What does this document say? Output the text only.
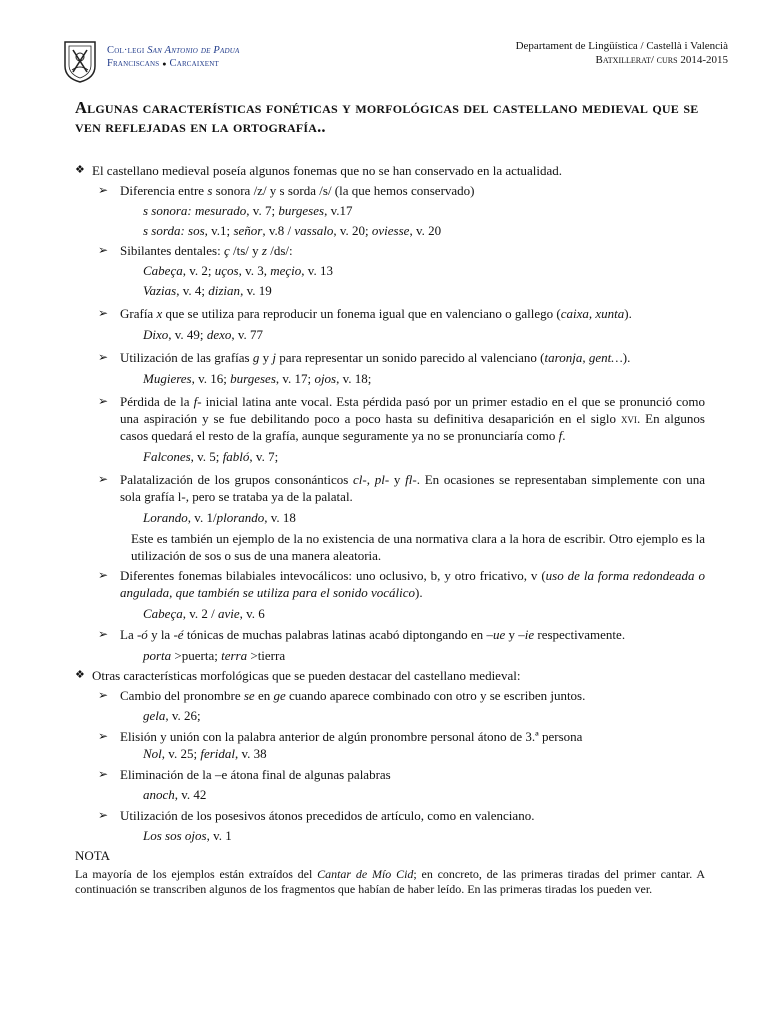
Col·legi San Antonio de Padua
Franciscans ● Carcaixent
Departament de Lingüística / Castellà i Valencià
Batxillerat/ curs 2014-2015
Algunas características fonéticas y morfológicas del castellano medieval que se ven reflejadas en la ortografía..

❖ El castellano medieval poseía algunos fonemas que no se han conservado en la actualidad.

➢ Diferencia entre s sonora /z/ y s sorda /s/ (la que hemos conservado)

s sonora: mesurado, v. 7; burgeses, v.17

s sorda: sos, v.1; señor, v.8 / vassalo, v. 20; oviesse, v. 20

➢ Sibilantes dentales: ç /ts/ y z /ds/:

Cabeça, v. 2; uços, v. 3, meçio, v. 13

Vazias, v. 4; dizian, v. 19

➢ Grafía x que se utiliza para reproducir un fonema igual que en valenciano o gallego (caixa, xunta).

Dixo, v. 49; dexo, v. 77

➢ Utilización de las grafías g y j para representar un sonido parecido al valenciano (taronja, gent…).

Mugieres, v. 16; burgeses, v. 17; ojos, v. 18;

➢ Pérdida de la f- inicial latina ante vocal. Esta pérdida pasó por un primer estadio en el que se pronunció como una aspiración y se fue debilitando poco a poco hasta su definitiva desaparición en el siglo xvi. En algunos casos quedará el resto de la grafía, aunque seguramente ya no se pronunciaría como f.

Falcones, v. 5; fabló, v. 7;

➢ Palatalización de los grupos consonánticos cl-, pl- y fl-. En ocasiones se representaban simplemente con una sola grafía l-, pero se trataba ya de la palatal.

Lorando, v. 1/plorando, v. 18

Este es también un ejemplo de la no existencia de una normativa clara a la hora de escribir. Otro ejemplo es la utilización de sos o sus de una manera aleatoria.

➢ Diferentes fonemas bilabiales intevocálicos: uno oclusivo, b, y otro fricativo, v (uso de la forma redondeada o angulada, que también se utiliza para el sonido vocálico).

Cabeça, v. 2 / avie, v. 6

➢ La -ó y la -é tónicas de muchas palabras latinas acabó diptongando en –ue y –ie respectivamente.

porta >puerta; terra >tierra

❖ Otras características morfológicas que se pueden destacar del castellano medieval:

➢ Cambio del pronombre se en ge cuando aparece combinado con otro y se escriben juntos.

gela, v. 26;

➢ Elisión y unión con la palabra anterior de algún pronombre personal átono de 3.ª persona

Nol, v. 25; feridal, v. 38

➢ Eliminación de la –e átona final de algunas palabras

anoch, v. 42

➢ Utilización de los posesivos átonos precedidos de artículo, como en valenciano.

Los sos ojos, v. 1

NOTA

La mayoría de los ejemplos están extraídos del Cantar de Mío Cid; en concreto, de las primeras tiradas del primer cantar. A continuación se transcriben algunos de los fragmentos que habían de haber leído. En las primeras tiradas los pueden ver.
